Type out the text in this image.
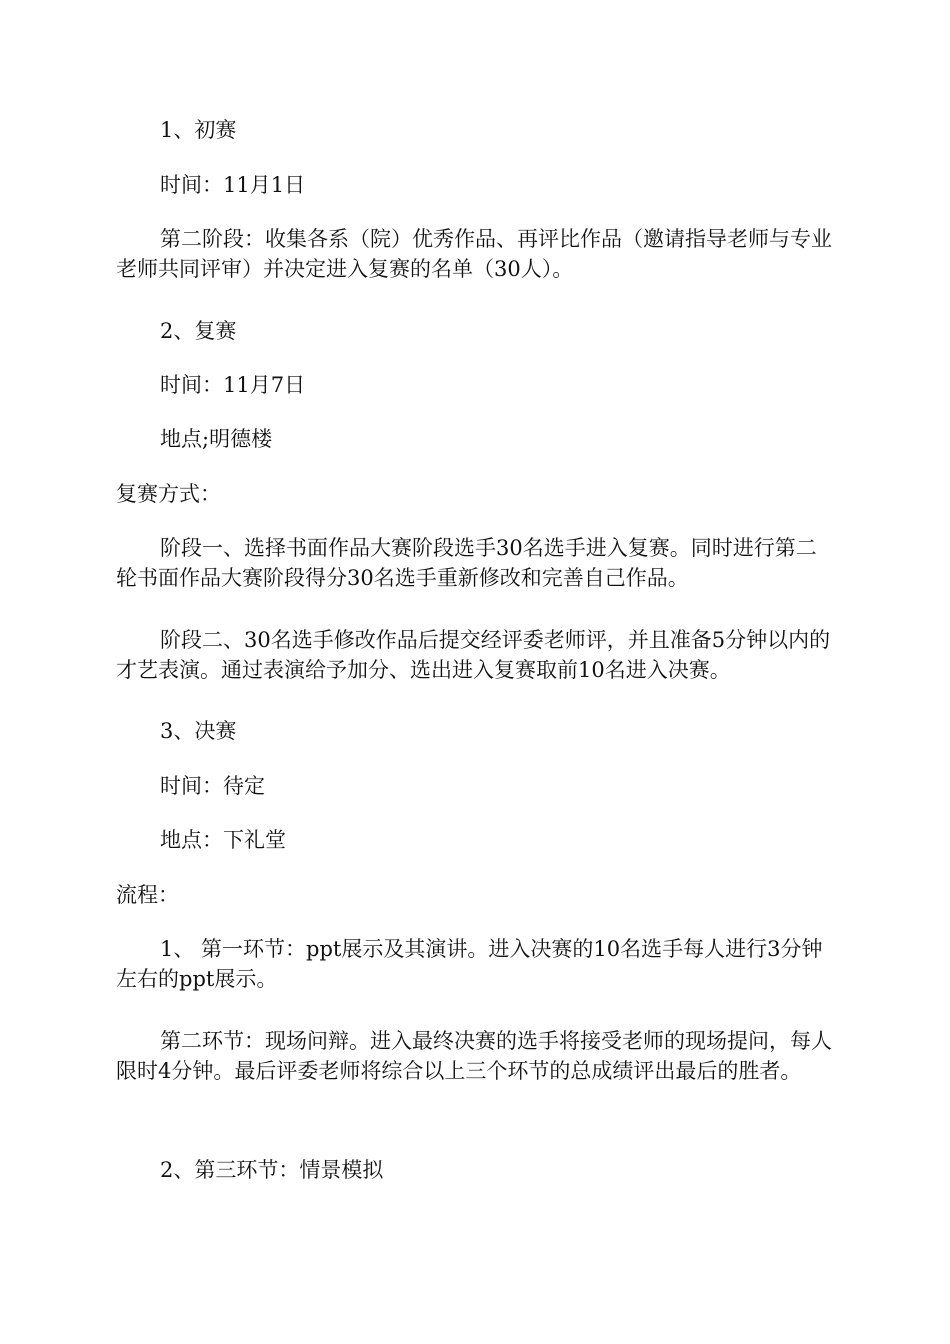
1、初赛

时间：11月1日

第二阶段：收集各系（院）优秀作品、再评比作品（邀请指导老师与专业老师共同评审）并决定进入复赛的名单（30人）。

2、复赛

时间：11月7日

地点;明德楼

复赛方式：

阶段一、选择书面作品大赛阶段选手30名选手进入复赛。同时进行第二轮书面作品大赛阶段得分30名选手重新修改和完善自己作品。

阶段二、30名选手修改作品后提交经评委老师评，并且准备5分钟以内的才艺表演。通过表演给予加分、选出进入复赛取前10名进入决赛。

3、决赛

时间：待定

地点：下礼堂

流程：

1、 第一环节：ppt展示及其演讲。进入决赛的10名选手每人进行3分钟左右的ppt展示。

第二环节：现场问辩。进入最终决赛的选手将接受老师的现场提问，每人限时4分钟。最后评委老师将综合以上三个环节的总成绩评出最后的胜者。

2、第三环节：情景模拟
